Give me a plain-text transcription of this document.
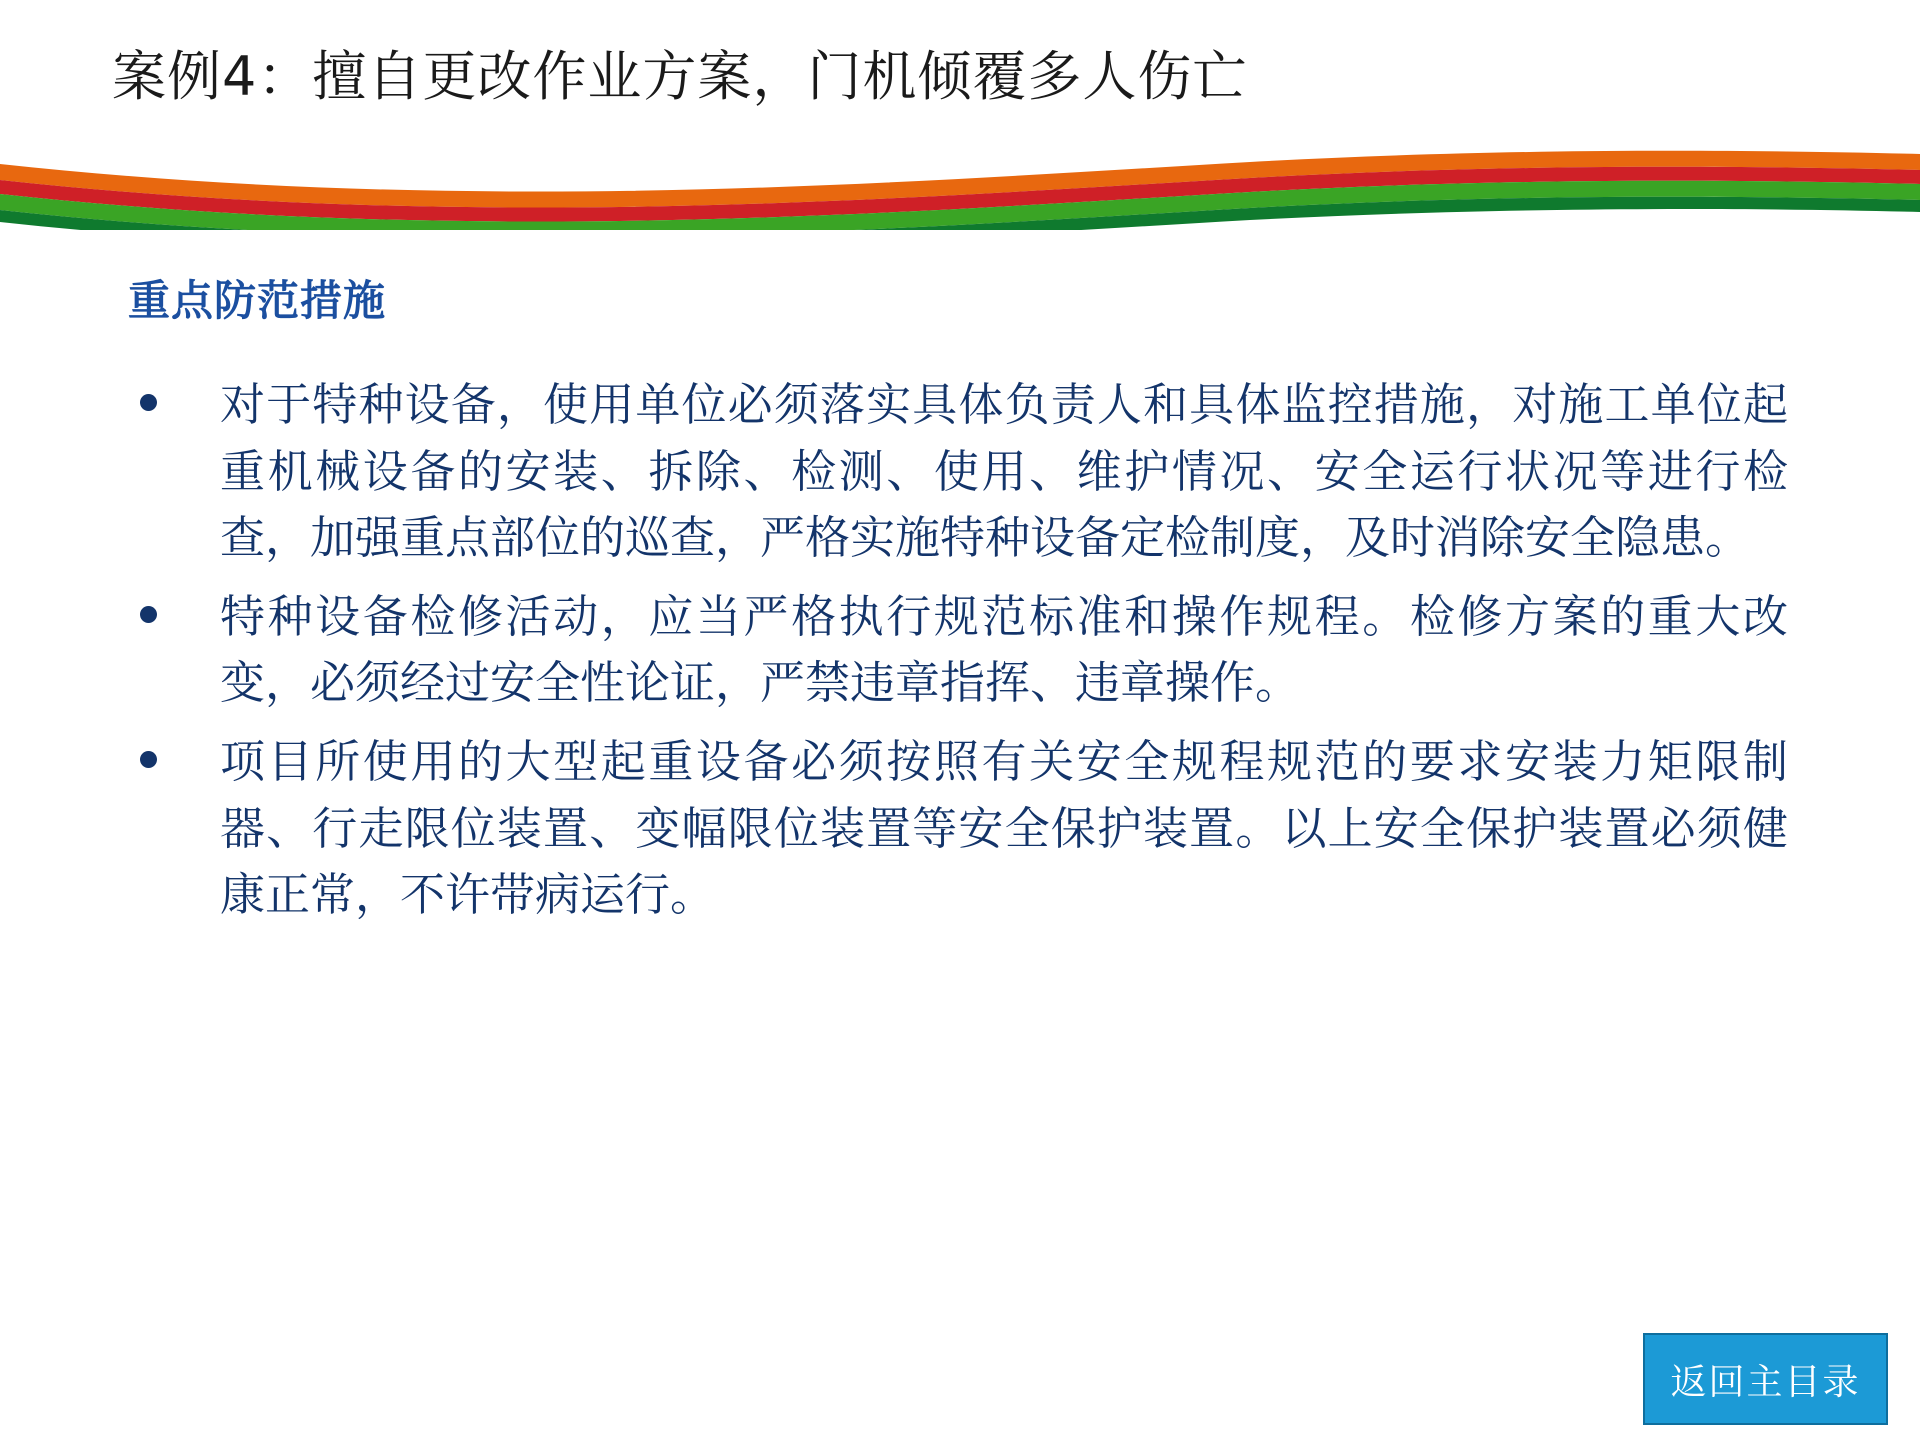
案例4：擅自更改作业方案，门机倾覆多人伤亡
重点防范措施
对于特种设备，使用单位必须落实具体负责人和具体监控措施，对施工单位起重机械设备的安装、拆除、检测、使用、维护情况、安全运行状况等进行检查，加强重点部位的巡查，严格实施特种设备定检制度，及时消除安全隐患。
特种设备检修活动，应当严格执行规范标准和操作规程。检修方案的重大改变，必须经过安全性论证，严禁违章指挥、违章操作。
项目所使用的大型起重设备必须按照有关安全规程规范的要求安装力矩限制器、行走限位装置、变幅限位装置等安全保护装置。以上安全保护装置必须健康正常，不许带病运行。
返回主目录
